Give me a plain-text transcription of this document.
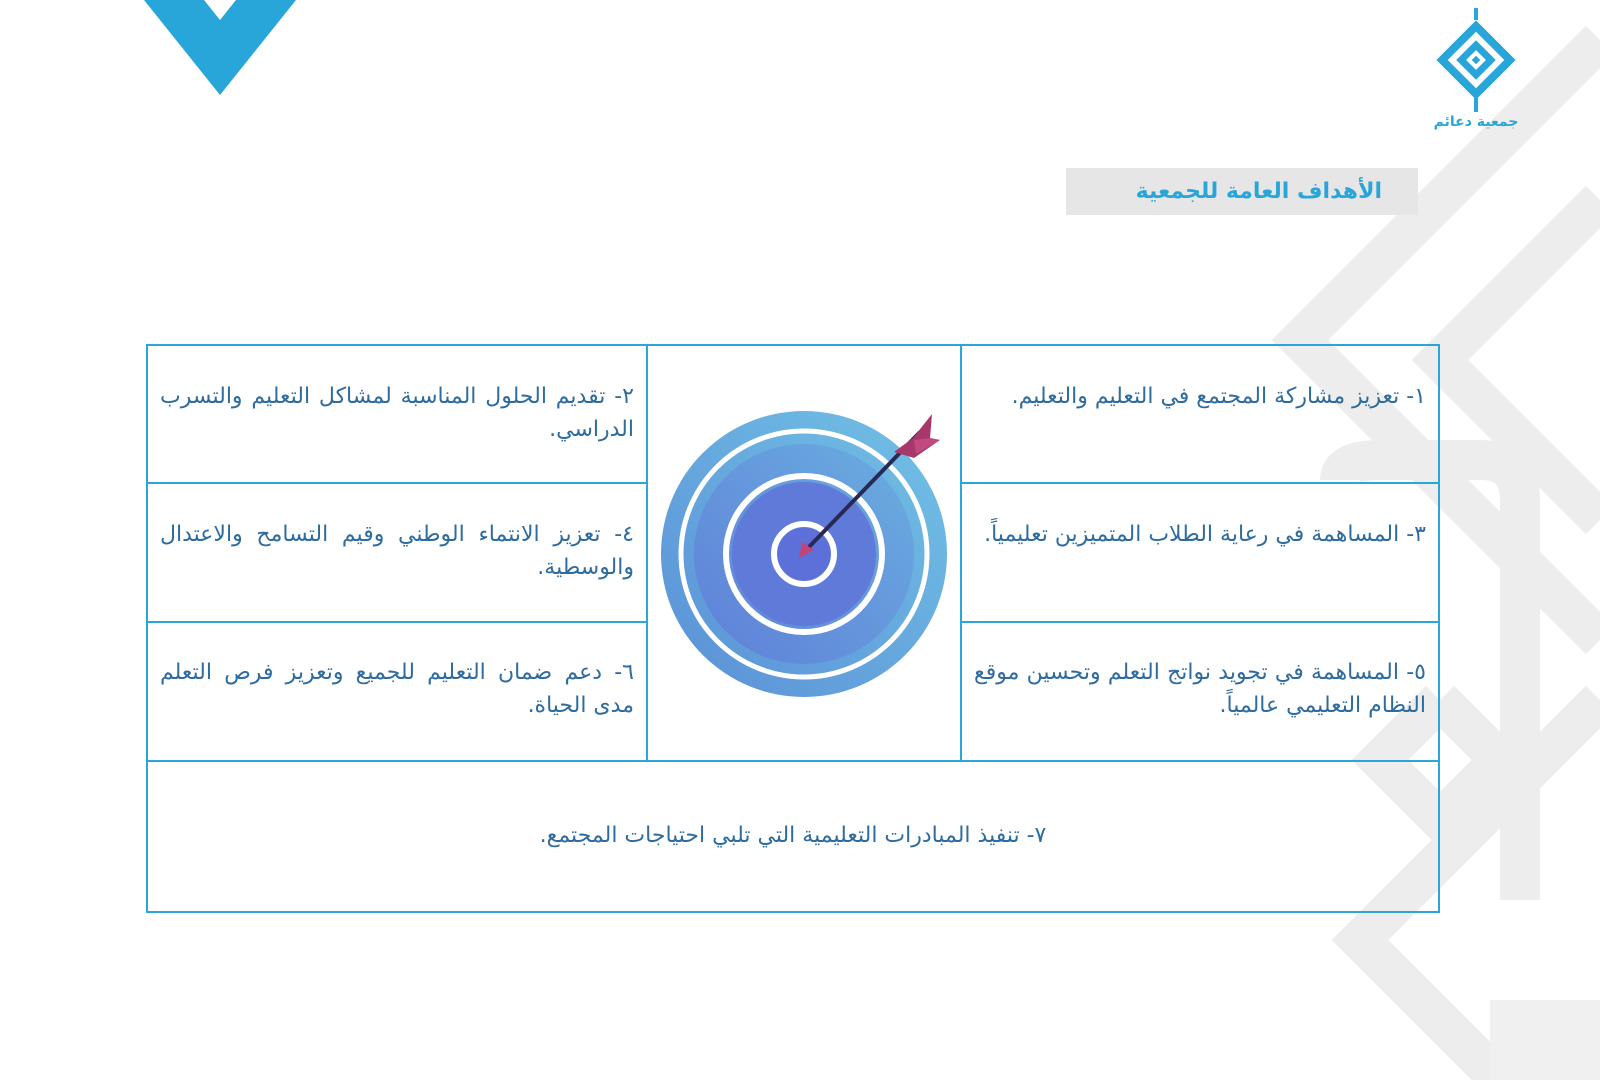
جمعية دعائم
الأهداف العامة للجمعية
١- تعزيز مشاركة المجتمع في التعليم والتعليم.
٣- المساهمة في رعاية الطلاب المتميزين تعليمياً.
٥- المساهمة في تجويد نواتج التعلم وتحسين موقع النظام التعليمي عالمياً.
٢- تقديم الحلول المناسبة لمشاكل التعليم والتسرب الدراسي.
٤- تعزيز الانتماء الوطني وقيم التسامح والاعتدال والوسطية.
٦- دعم ضمان التعليم للجميع وتعزيز فرص التعلم مدى الحياة.
٧- تنفيذ المبادرات التعليمية التي تلبي احتياجات المجتمع.
